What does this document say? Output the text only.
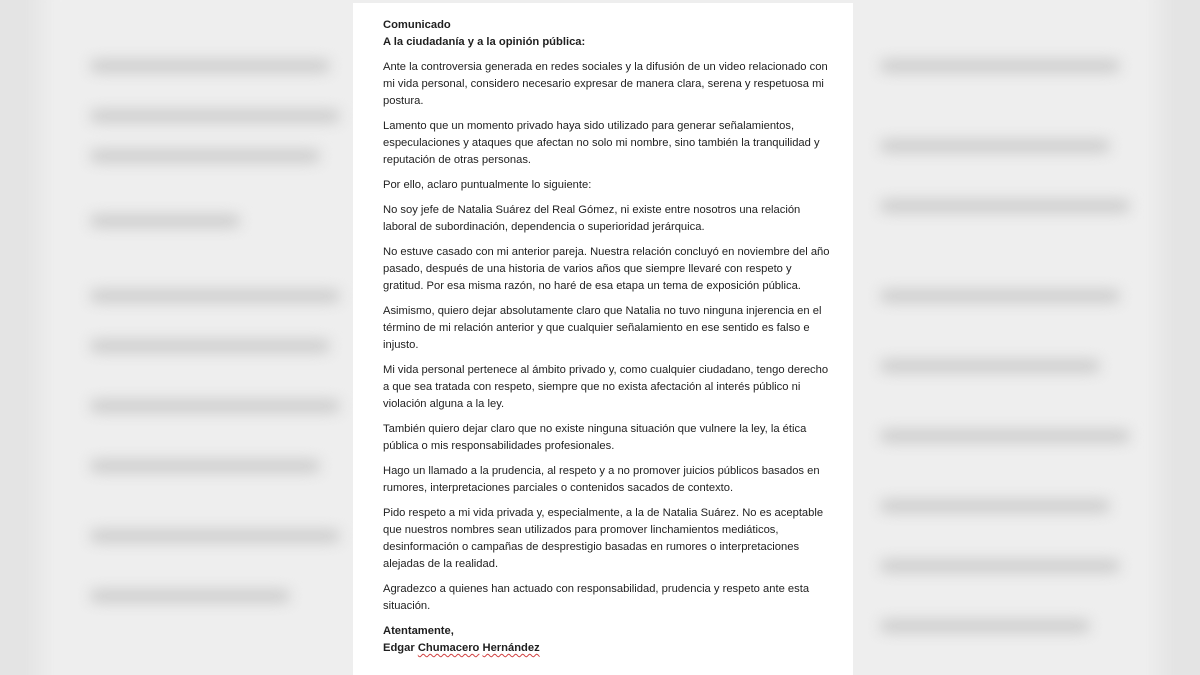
Comunicado

A la ciudadanía y a la opinión pública:

Ante la controversia generada en redes sociales y la difusión de un video relacionado con mi vida personal, considero necesario expresar de manera clara, serena y respetuosa mi postura.

Lamento que un momento privado haya sido utilizado para generar señalamientos, especulaciones y ataques que afectan no solo mi nombre, sino también la tranquilidad y reputación de otras personas.

Por ello, aclaro puntualmente lo siguiente:

No soy jefe de Natalia Suárez del Real Gómez, ni existe entre nosotros una relación laboral de subordinación, dependencia o superioridad jerárquica.

No estuve casado con mi anterior pareja. Nuestra relación concluyó en noviembre del año pasado, después de una historia de varios años que siempre llevaré con respeto y gratitud. Por esa misma razón, no haré de esa etapa un tema de exposición pública.

Asimismo, quiero dejar absolutamente claro que Natalia no tuvo ninguna injerencia en el término de mi relación anterior y que cualquier señalamiento en ese sentido es falso e injusto.

Mi vida personal pertenece al ámbito privado y, como cualquier ciudadano, tengo derecho a que sea tratada con respeto, siempre que no exista afectación al interés público ni violación alguna a la ley.

También quiero dejar claro que no existe ninguna situación que vulnere la ley, la ética pública o mis responsabilidades profesionales.

Hago un llamado a la prudencia, al respeto y a no promover juicios públicos basados en rumores, interpretaciones parciales o contenidos sacados de contexto.

Pido respeto a mi vida privada y, especialmente, a la de Natalia Suárez. No es aceptable que nuestros nombres sean utilizados para promover linchamientos mediáticos, desinformación o campañas de desprestigio basadas en rumores o interpretaciones alejadas de la realidad.

Agradezco a quienes han actuado con responsabilidad, prudencia y respeto ante esta situación.

Atentamente,

Edgar Chumacero Hernández
